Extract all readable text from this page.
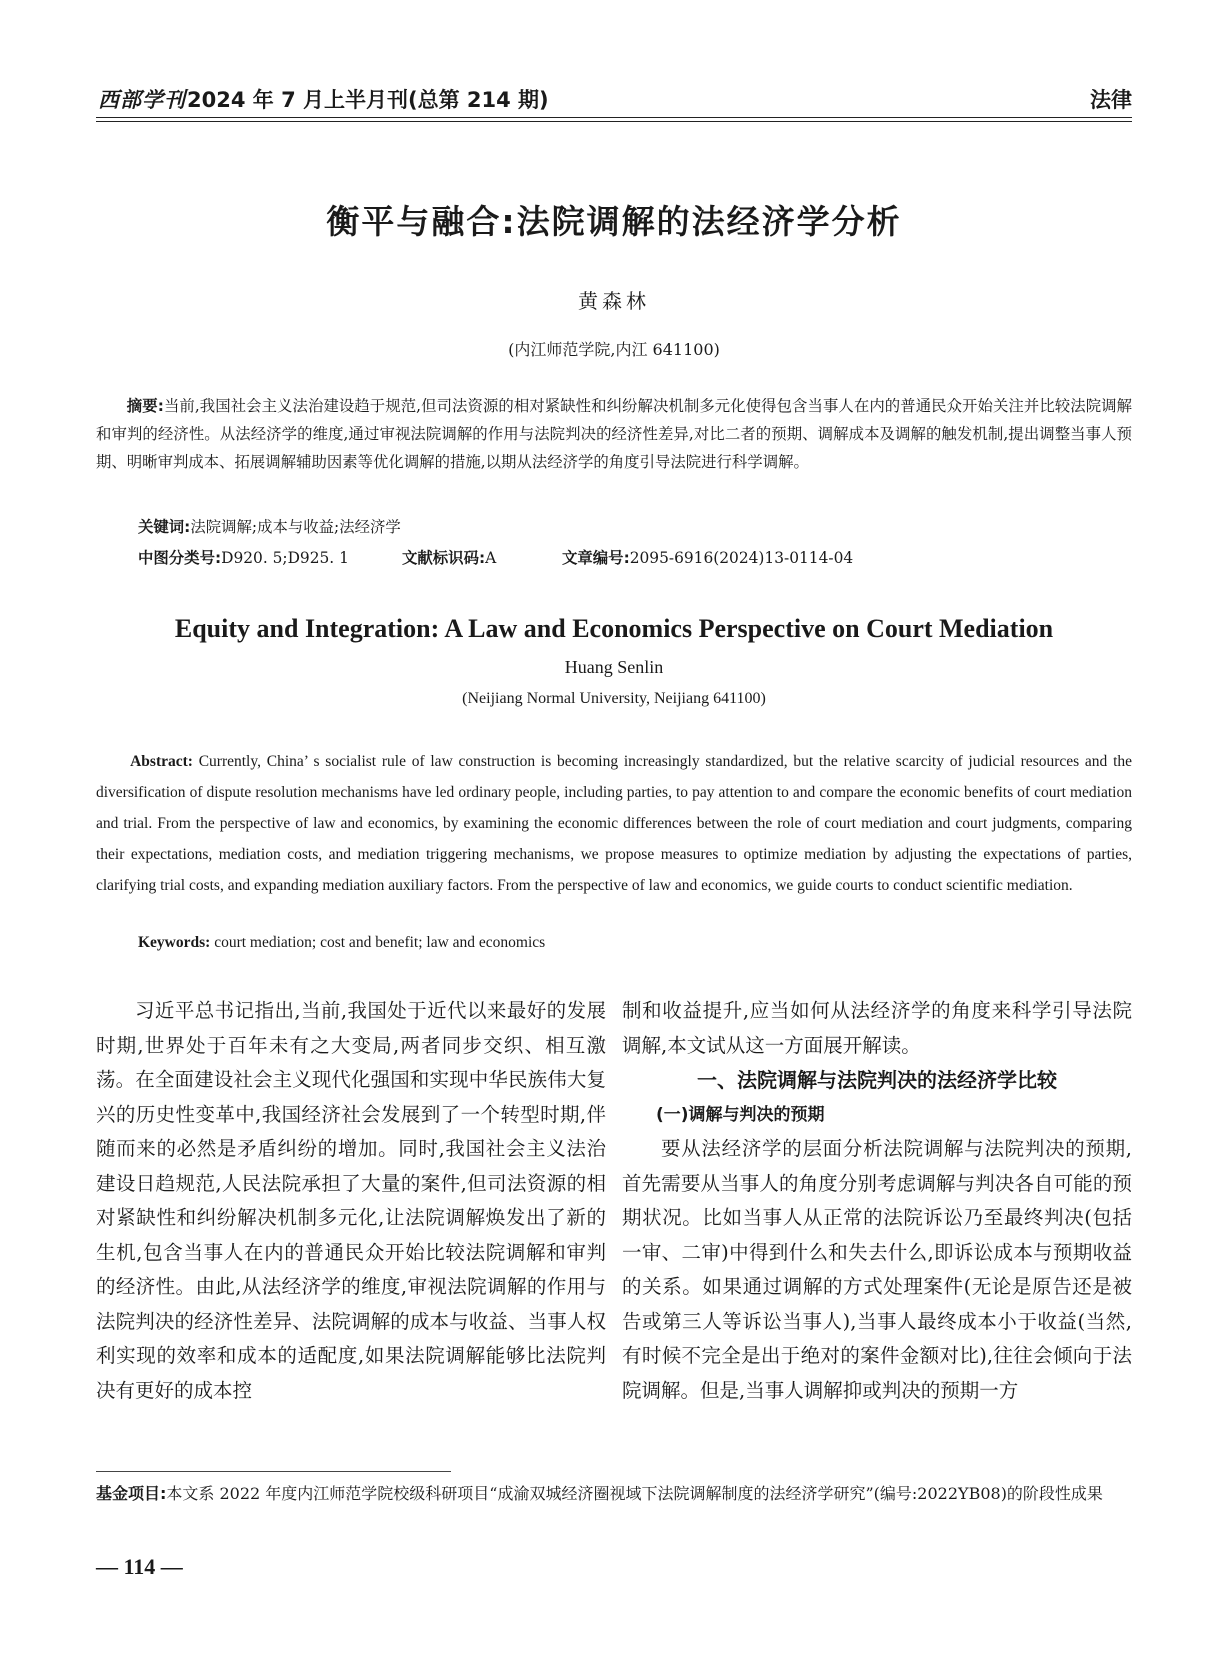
西部学刊 2024 年 7 月上半月刊(总第 214 期)	法律
衡平与融合:法院调解的法经济学分析
黄森林
(内江师范学院,内江 641100)
摘要:当前,我国社会主义法治建设趋于规范,但司法资源的相对紧缺性和纠纷解决机制多元化使得包含当事人在内的普通民众开始关注并比较法院调解和审判的经济性。从法经济学的维度,通过审视法院调解的作用与法院判决的经济性差异,对比二者的预期、调解成本及调解的触发机制,提出调整当事人预期、明晰审判成本、拓展调解辅助因素等优化调解的措施,以期从法经济学的角度引导法院进行科学调解。
关键词:法院调解;成本与收益;法经济学
中图分类号:D920. 5;D925. 1	文献标识码:A	文章编号:2095-6916(2024)13-0114-04
Equity and Integration: A Law and Economics Perspective on Court Mediation
Huang Senlin
(Neijiang Normal University, Neijiang 641100)
Abstract: Currently, China’ s socialist rule of law construction is becoming increasingly standardized, but the relative scarcity of judicial resources and the diversification of dispute resolution mechanisms have led ordinary people, including parties, to pay attention to and compare the economic benefits of court mediation and trial. From the perspective of law and economics, by examining the economic differences between the role of court mediation and court judgments, comparing their expectations, mediation costs, and mediation triggering mechanisms, we propose measures to optimize mediation by adjusting the expectations of parties, clarifying trial costs, and expanding mediation auxiliary factors. From the perspective of law and economics, we guide courts to conduct scientific mediation.
Keywords: court mediation; cost and benefit; law and economics

习近平总书记指出,当前,我国处于近代以来最好的发展时期,世界处于百年未有之大变局,两者同步交织、相互激荡。在全面建设社会主义现代化强国和实现中华民族伟大复兴的历史性变革中,我国经济社会发展到了一个转型时期,伴随而来的必然是矛盾纠纷的增加。同时,我国社会主义法治建设日趋规范,人民法院承担了大量的案件,但司法资源的相对紧缺性和纠纷解决机制多元化,让法院调解焕发出了新的生机,包含当事人在内的普通民众开始比较法院调解和审判的经济性。由此,从法经济学的维度,审视法院调解的作用与法院判决的经济性差异、法院调解的成本与收益、当事人权利实现的效率和成本的适配度,如果法院调解能够比法院判决有更好的成本控

制和收益提升,应当如何从法经济学的角度来科学引导法院调解,本文试从这一方面展开解读。

一、法院调解与法院判决的法经济学比较
(一)调解与判决的预期

要从法经济学的层面分析法院调解与法院判决的预期,首先需要从当事人的角度分别考虑调解与判决各自可能的预期状况。比如当事人从正常的法院诉讼乃至最终判决(包括一审、二审)中得到什么和失去什么,即诉讼成本与预期收益的关系。如果通过调解的方式处理案件(无论是原告还是被告或第三人等诉讼当事人),当事人最终成本小于收益(当然,有时候不完全是出于绝对的案件金额对比),往往会倾向于法院调解。但是,当事人调解抑或判决的预期一方

基金项目:本文系 2022 年度内江师范学院校级科研项目“成渝双城经济圈视域下法院调解制度的法经济学研究”(编号:2022YB08)的阶段性成果
— 114 —
